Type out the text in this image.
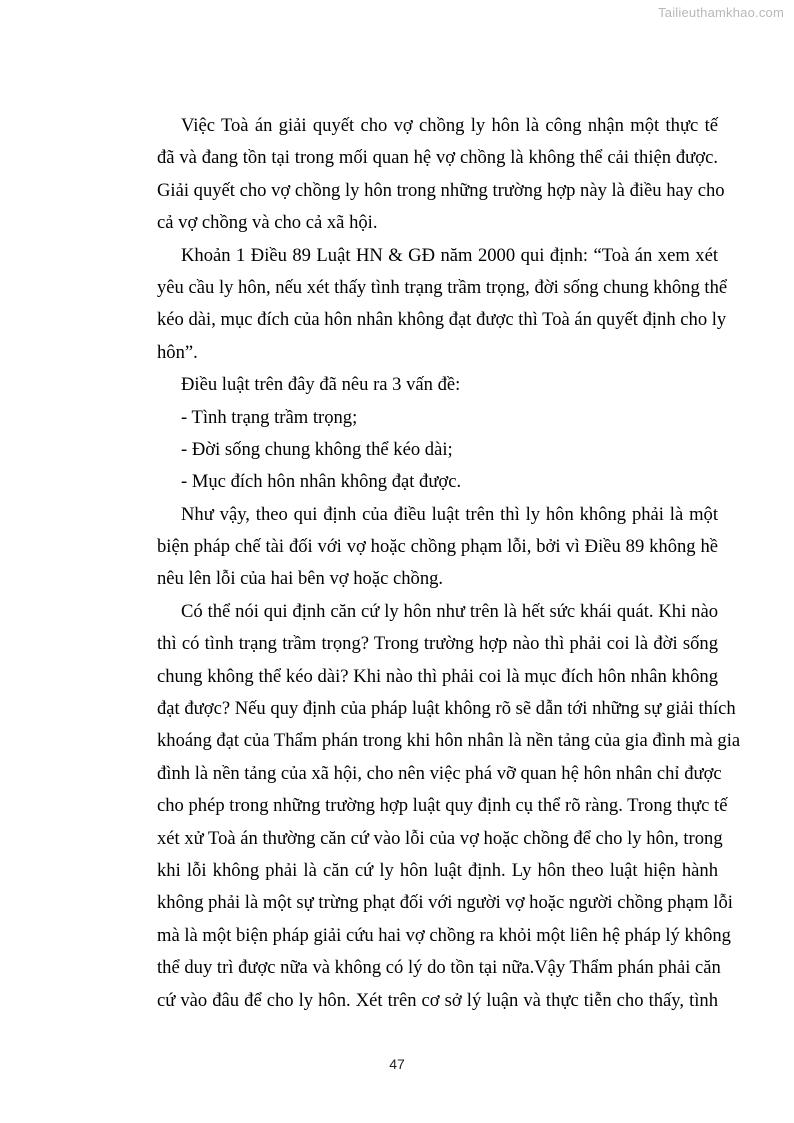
Tailieuthamkhao.com
Việc Toà án giải quyết cho vợ chồng ly hôn là công nhận một thực tế
đã và đang tồn tại trong mối quan hệ vợ chồng là không thể cải thiện được.
Giải quyết cho vợ chồng ly hôn trong những trường hợp này là điều hay cho
cả vợ chồng và cho cả xã hội.
Khoản 1 Điều 89 Luật HN & GĐ năm 2000 qui định: “Toà án xem xét
yêu cầu ly hôn, nếu xét thấy tình trạng trầm trọng, đời sống chung không thể
kéo dài, mục đích của hôn nhân không đạt được thì Toà án quyết định cho ly
hôn”.
Điều luật trên đây đã nêu ra 3 vấn đề:
- Tình trạng trầm trọng;
- Đời sống chung không thể kéo dài;
- Mục đích hôn nhân không đạt được.
Như vậy, theo qui định của điều luật trên thì ly hôn không phải là một
biện pháp chế tài đối với vợ hoặc chồng phạm lỗi, bởi vì Điều 89 không hề
nêu lên lỗi của hai bên vợ hoặc chồng.
Có thể nói qui định căn cứ ly hôn như trên là hết sức khái quát. Khi nào
thì có tình trạng trầm trọng? Trong trường hợp nào thì phải coi là đời sống
chung không thể kéo dài? Khi nào thì phải coi là mục đích hôn nhân không
đạt được? Nếu quy định của pháp luật không rõ sẽ dẫn tới những sự giải thích
khoáng đạt của Thẩm phán trong khi hôn nhân là nền tảng của gia đình mà gia
đình là nền tảng của xã hội, cho nên việc phá vỡ quan hệ hôn nhân chỉ được
cho phép trong những trường hợp luật quy định cụ thể rõ ràng. Trong thực tế
xét xử Toà án thường căn cứ vào lỗi của vợ hoặc chồng để cho ly hôn, trong
khi lỗi không phải là căn cứ ly hôn luật định. Ly hôn theo luật hiện hành
không phải là một sự trừng phạt đối với người vợ hoặc người chồng phạm lỗi
mà là một biện pháp giải cứu hai vợ chồng ra khỏi một liên hệ pháp lý không
thể duy trì được nữa và không có lý do tồn tại nữa.Vậy Thẩm phán phải căn
cứ vào đâu để cho ly hôn. Xét trên cơ sở lý luận và thực tiễn cho thấy, tình
47
